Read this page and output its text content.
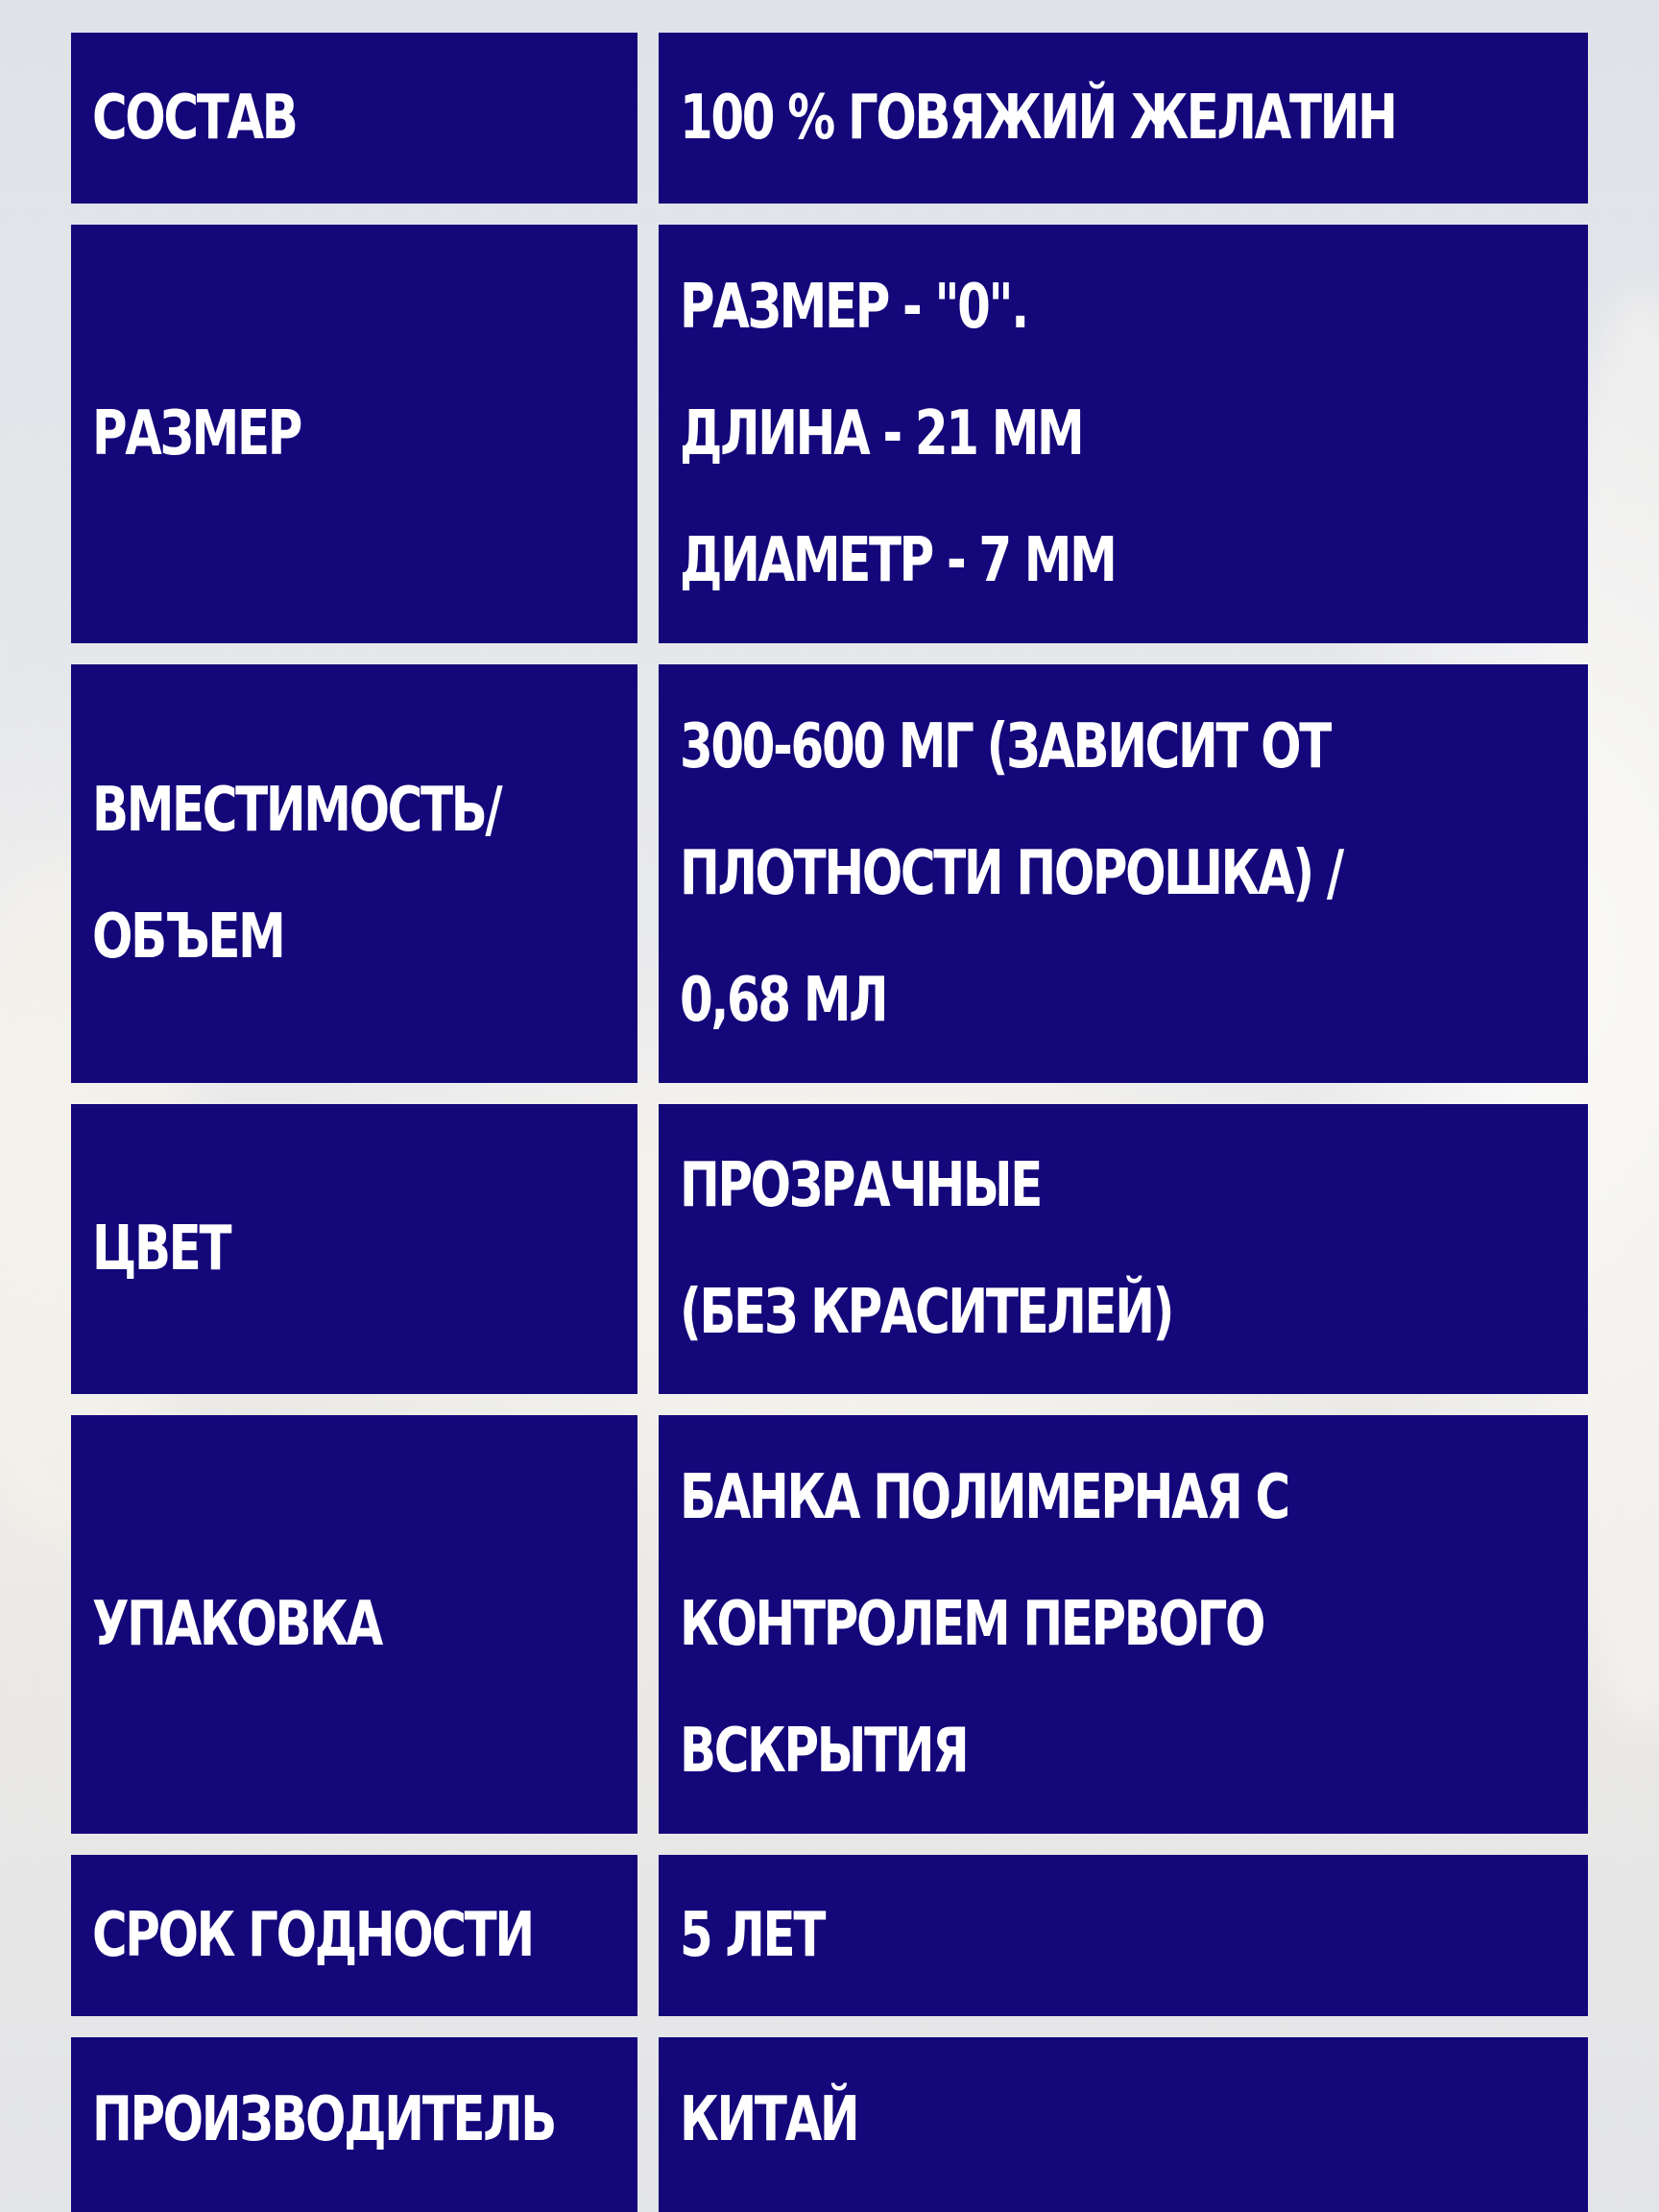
СОСТАВ	100 % ГОВЯЖИЙ ЖЕЛАТИН
РАЗМЕР
РАЗМЕР - "0".
ДЛИНА - 21 ММ
ДИАМЕТР - 7 ММ
ВМЕСТИМОСТЬ/
ОБЪЕМ
300-600 МГ (ЗАВИСИТ ОТ
ПЛОТНОСТИ ПОРОШКА) /
0,68 МЛ
ЦВЕТ
ПРОЗРАЧНЫЕ
(БЕЗ КРАСИТЕЛЕЙ)
УПАКОВКА
БАНКА ПОЛИМЕРНАЯ С
КОНТРОЛЕМ ПЕРВОГО
ВСКРЫТИЯ
СРОК ГОДНОСТИ 5 ЛЕТ
ПРОИЗВОДИТЕЛЬ КИТАЙ
